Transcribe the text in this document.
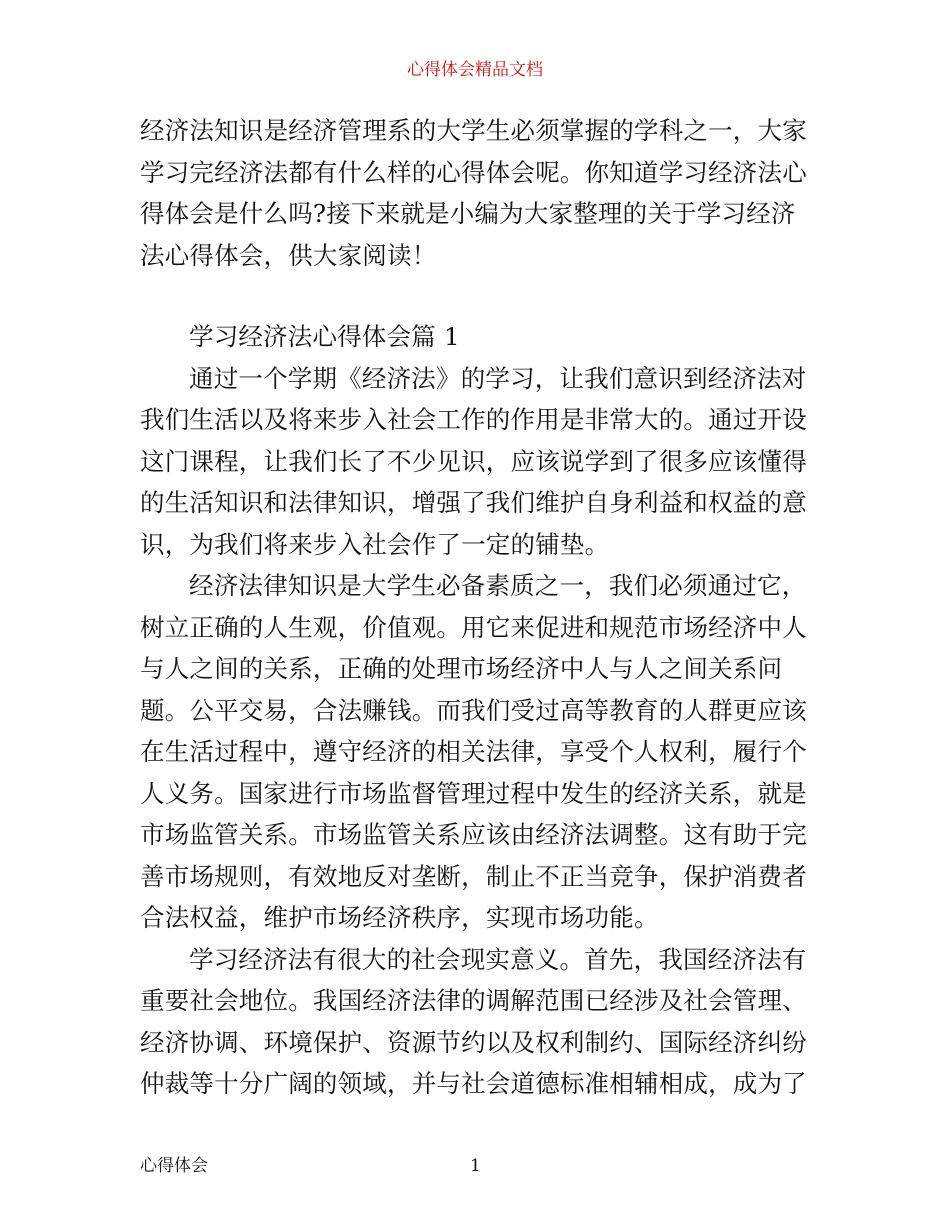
心得体会精品文档

经济法知识是经济管理系的大学生必须掌握的学科之一，大家学习完经济法都有什么样的心得体会呢。你知道学习经济法心得体会是什么吗?接下来就是小编为大家整理的关于学习经济法心得体会，供大家阅读！

学习经济法心得体会篇 1

通过一个学期《经济法》的学习，让我们意识到经济法对我们生活以及将来步入社会工作的作用是非常大的。通过开设这门课程，让我们长了不少见识，应该说学到了很多应该懂得的生活知识和法律知识，增强了我们维护自身利益和权益的意识，为我们将来步入社会作了一定的铺垫。

经济法律知识是大学生必备素质之一，我们必须通过它，树立正确的人生观，价值观。用它来促进和规范市场经济中人与人之间的关系，正确的处理市场经济中人与人之间关系问题。公平交易，合法赚钱。而我们受过高等教育的人群更应该在生活过程中，遵守经济的相关法律，享受个人权利，履行个人义务。国家进行市场监督管理过程中发生的经济关系，就是市场监管关系。市场监管关系应该由经济法调整。这有助于完善市场规则，有效地反对垄断，制止不正当竞争，保护消费者合法权益，维护市场经济秩序，实现市场功能。

学习经济法有很大的社会现实意义。首先，我国经济法有重要社会地位。我国经济法律的调解范围已经涉及社会管理、经济协调、环境保护、资源节约以及权利制约、国际经济纠纷仲裁等十分广阔的领域，并与社会道德标准相辅相成，成为了

心得体会	1
